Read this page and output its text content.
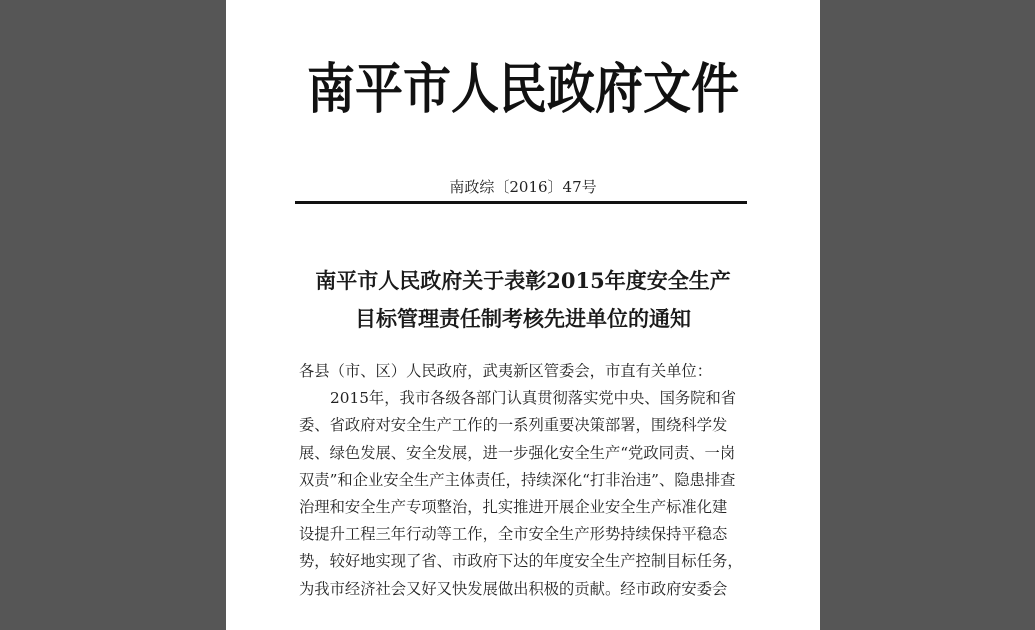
南平市人民政府文件
南政综〔2016〕47号
南平市人民政府关于表彰2015年度安全生产
目标管理责任制考核先进单位的通知

各县（市、区）人民政府，武夷新区管委会，市直有关单位：

2015年，我市各级各部门认真贯彻落实党中央、国务院和省

委、省政府对安全生产工作的一系列重要决策部署，围绕科学发

展、绿色发展、安全发展，进一步强化安全生产“党政同责、一岗

双责”和企业安全生产主体责任，持续深化“打非治违”、隐患排查

治理和安全生产专项整治，扎实推进开展企业安全生产标准化建

设提升工程三年行动等工作，全市安全生产形势持续保持平稳态

势，较好地实现了省、市政府下达的年度安全生产控制目标任务，

为我市经济社会又好又快发展做出积极的贡献。经市政府安委会
